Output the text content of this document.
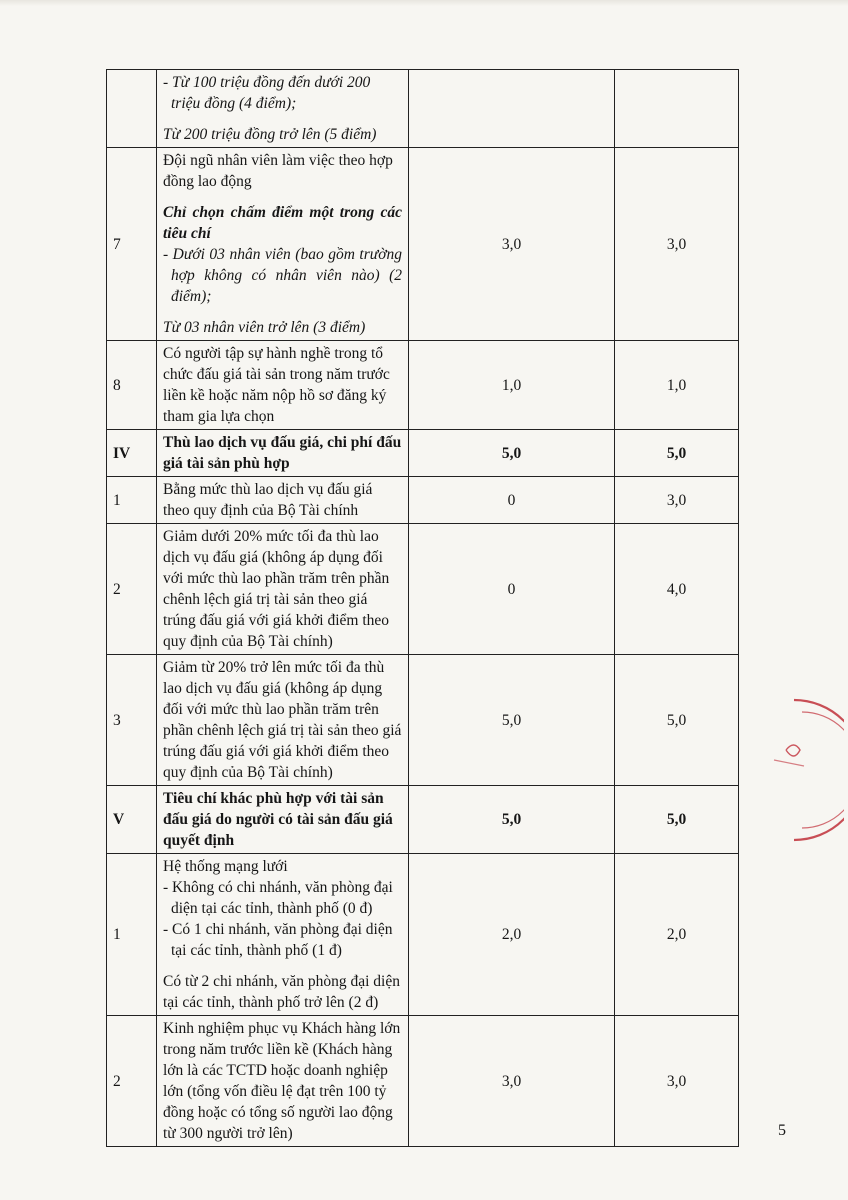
	- Từ 100 triệu đồng đến dưới 200 triệu đồng (4 điểm);

Từ 200 triệu đồng trở lên (5 điểm)		

7	Đội ngũ nhân viên làm việc theo hợp đồng lao động

Chỉ chọn chấm điểm một trong các tiêu chí

- Dưới 03 nhân viên (bao gồm trường hợp không có nhân viên nào) (2 điểm);

Từ 03 nhân viên trở lên (3 điểm)	3,0	3,0
8	Có người tập sự hành nghề trong tổ chức đấu giá tài sản trong năm trước liền kề hoặc năm nộp hồ sơ đăng ký tham gia lựa chọn	1,0	1,0
IV	Thù lao dịch vụ đấu giá, chi phí đấu giá tài sản phù hợp	5,0	5,0
1	Bằng mức thù lao dịch vụ đấu giá theo quy định của Bộ Tài chính	0	3,0
2	Giảm dưới 20% mức tối đa thù lao dịch vụ đấu giá (không áp dụng đối với mức thù lao phần trăm trên phần chênh lệch giá trị tài sản theo giá trúng đấu giá với giá khởi điểm theo quy định của Bộ Tài chính)	0	4,0
3	Giảm từ 20% trở lên mức tối đa thù lao dịch vụ đấu giá (không áp dụng đối với mức thù lao phần trăm trên phần chênh lệch giá trị tài sản theo giá trúng đấu giá với giá khởi điểm theo quy định của Bộ Tài chính)	5,0	5,0
V	Tiêu chí khác phù hợp với tài sản đấu giá do người có tài sản đấu giá quyết định	5,0	5,0
1	Hệ thống mạng lưới

- Không có chi nhánh, văn phòng đại diện tại các tỉnh, thành phố (0 đ)

- Có 1 chi nhánh, văn phòng đại diện tại các tỉnh, thành phố (1 đ)

Có từ 2 chi nhánh, văn phòng đại diện tại các tỉnh, thành phố trở lên (2 đ)	2,0	2,0
2	Kinh nghiệm phục vụ Khách hàng lớn trong năm trước liền kề (Khách hàng lớn là các TCTD hoặc doanh nghiệp lớn (tổng vốn điều lệ đạt trên 100 tỷ đồng hoặc có tổng số người lao động từ 300 người trở lên)	3,0	3,0
5
